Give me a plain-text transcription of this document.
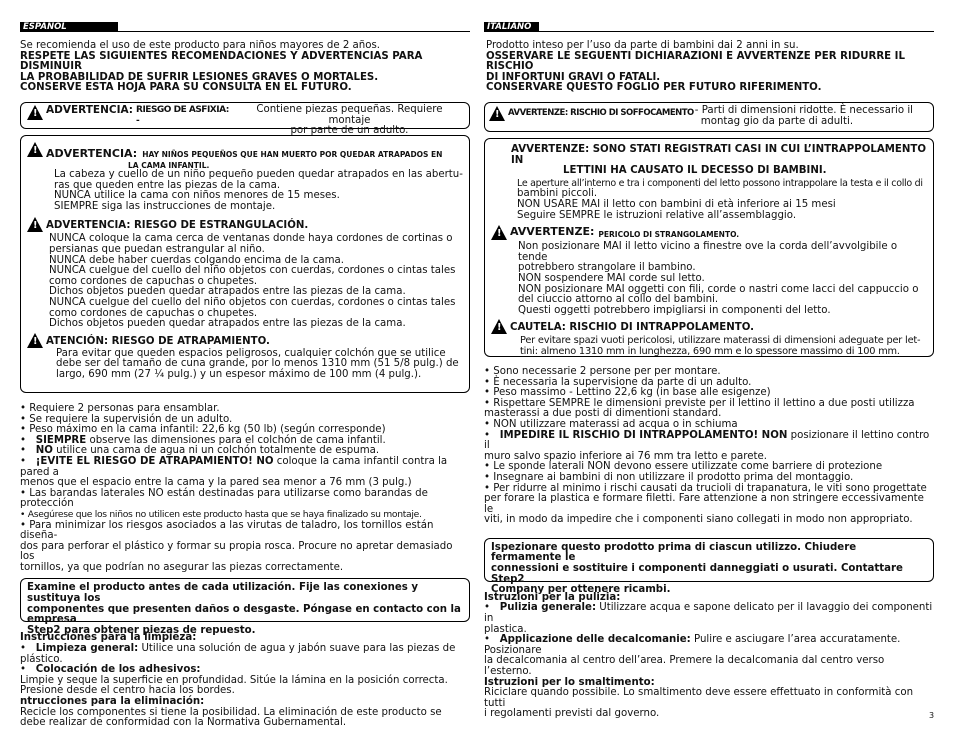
ESPAÑOL

Se recomienda el uso de este producto para niños mayores de 2 años.

RESPETE LAS SIGUIENTES RECOMENDACIONES Y ADVERTENCIAS PARA DISMINUIR

LA PROBABILIDAD DE SUFRIR LESIONES GRAVES O MORTALES.

CONSERVE ESTA HOJA PARA SU CONSULTA EN EL FUTURO.

!
ADVERTENCIA: RIESGO DE ASFIXIA: -

Contiene piezas pequeñas. Requiere montaje

por parte de un adulto.

!
ADVERTENCIA: HAY NIÑOS PEQUEÑOS QUE HAN MUERTO POR QUEDAR ATRAPADOS EN

LA CAMA INFANTIL.

La cabeza y cuello de un niño pequeño pueden quedar atrapados en las abertu-

ras que queden entre las piezas de la cama.

NUNCA utilice la cama con niños menores de 15 meses.

SIEMPRE siga las instrucciones de montaje.

!
ADVERTENCIA: RIESGO DE ESTRANGULACIÓN.

NUNCA coloque la cama cerca de ventanas donde haya cordones de cortinas o

persianas que puedan estrangular al niño.

NUNCA debe haber cuerdas colgando encima de la cama.

NUNCA cuelgue del cuello del niño objetos con cuerdas, cordones o cintas tales

como cordones de capuchas o chupetes.

Dichos objetos pueden quedar atrapados entre las piezas de la cama.

NUNCA cuelgue del cuello del niño objetos con cuerdas, cordones o cintas tales

como cordones de capuchas o chupetes.

Dichos objetos pueden quedar atrapados entre las piezas de la cama.

!
ATENCIÓN: RIESGO DE ATRAPAMIENTO.

Para evitar que queden espacios peligrosos, cualquier colchón que se utilice

debe ser del tamaño de cuna grande, por lo menos 1310 mm (51 5/8 pulg.) de

largo, 690 mm (27 ¼ pulg.) y un espesor máximo de 100 mm (4 pulg.).

• Requiere 2 personas para ensamblar.

• Se requiere la supervisión de un adulto.

• Peso máximo en la cama infantil: 22,6 kg (50 lb) (según corresponde)

•   SIEMPRE observe las dimensiones para el colchón de cama infantil.

•   NO utilice una cama de agua ni un colchón totalmente de espuma.

•   ¡EVITE EL RIESGO DE ATRAPAMIENTO! NO coloque la cama infantil contra la pared a

menos que el espacio entre la cama y la pared sea menor a 76 mm (3 pulg.)

• Las barandas laterales NO están destinadas para utilizarse como barandas de protección

• Asegúrese que los niños no utilicen este producto hasta que se haya finalizado su montaje.

• Para minimizar los riesgos asociados a las virutas de taladro, los tornillos están diseña-

dos para perforar el plástico y formar su propia rosca. Procure no apretar demasiado los

tornillos, ya que podrían no asegurar las piezas correctamente.

Examine el producto antes de cada utilización. Fije las conexiones y sustituya los

componentes que presenten daños o desgaste. Póngase en contacto con la empresa

Step2 para obtener piezas de repuesto.

Instrucciones para la limpieza:

•   Limpieza general: Utilice una solución de agua y jabón suave para las piezas de plástico.

•   Colocación de los adhesivos:

Limpie y seque la superficie en profundidad. Sitúe la lámina en la posición correcta.

Presione desde el centro hacia los bordes.

ntrucciones para la eliminación:

Recicle los componentes si tiene la posibilidad. La eliminación de este producto se

debe realizar de conformidad con la Normativa Gubernamental.

ITALIANO

Prodotto inteso per l’uso da parte di bambini dai 2 anni in su.

OSSERVARE LE SEGUENTI DICHIARAZIONI E AVVERTENZE PER RIDURRE IL RISCHIO

DI INFORTUNI GRAVI O FATALI.

CONSERVARE QUESTO FOGLIO PER FUTURO RIFERIMENTO.

!
AVVERTENZE: RISCHIO DI SOFFOCAMENTO - Parti di dimensioni ridotte. È necessario il

montag gio da parte di adulti.

AVVERTENZE: SONO STATI REGISTRATI CASI IN CUI L’INTRAPPOLAMENTO IN

LETTINI HA CAUSATO IL DECESSO DI BAMBINI.

Le aperture all’interno e tra i componenti del letto possono intrappolare la testa e il collo di

bambini piccoli.

NON USARE MAI il letto con bambini di età inferiore ai 15 mesi

Seguire SEMPRE le istruzioni relative all’assemblaggio.

!
AVVERTENZE: PERICOLO DI STRANGOLAMENTO.

Non posizionare MAI il letto vicino a finestre ove la corda dell’avvolgibile o tende

potrebbero strangolare il bambino.

NON sospendere MAI corde sul letto.

NON posizionare MAI oggetti con fili, corde o nastri come lacci del cappuccio o

del ciuccio attorno al collo del bambini.

Questi oggetti potrebbero impigliarsi in componenti del letto.

!
CAUTELA: RISCHIO DI INTRAPPOLAMENTO.

Per evitare spazi vuoti pericolosi, utilizzare materassi di dimensioni adeguate per let-

tini: almeno 1310 mm in lunghezza, 690 mm e lo spessore massimo di 100 mm.

• Sono necessarie 2 persone per per montare.

• È necessaria la supervisione da parte di un adulto.

• Peso massimo - Lettino 22,6 kg (in base alle esigenze)

• Rispettare SEMPRE le dimensioni previste per il lettino il lettino a due posti utilizza

masterassi a due posti di dimentioni standard.

• NON utilizzare materassi ad acqua o in schiuma

•   IMPEDIRE IL RISCHIO DI INTRAPPOLAMENTO! NON posizionare il lettino contro il

muro salvo spazio inferiore ai 76 mm tra letto e parete.

• Le sponde laterali NON devono essere utilizzate come barriere di protezione

• Insegnare ai bambini di non utilizzare il prodotto prima del montaggio.

• Per ridurre al minimo i rischi causati da trucioli di trapanatura, le viti sono progettate

per forare la plastica e formare filetti. Fare attenzione a non stringere eccessivamente le

viti, in modo da impedire che i componenti siano collegati in modo non appropriato.

Ispezionare questo prodotto prima di ciascun utilizzo. Chiudere fermamente le

connessioni e sostituire i componenti danneggiati o usurati. Contattare Step2

Company per ottenere ricambi.

Istruzioni per la pulizia:

•   Pulizia generale: Utilizzare acqua e sapone delicato per il lavaggio dei componenti in

plastica.

•   Applicazione delle decalcomanie: Pulire e asciugare l’area accuratamente. Posizionare

la decalcomania al centro dell’area. Premere la decalcomania dal centro verso l’esterno.

Istruzioni per lo smaltimento:

Riciclare quando possibile. Lo smaltimento deve essere effettuato in conformità con tutti

i regolamenti previsti dal governo.	3
